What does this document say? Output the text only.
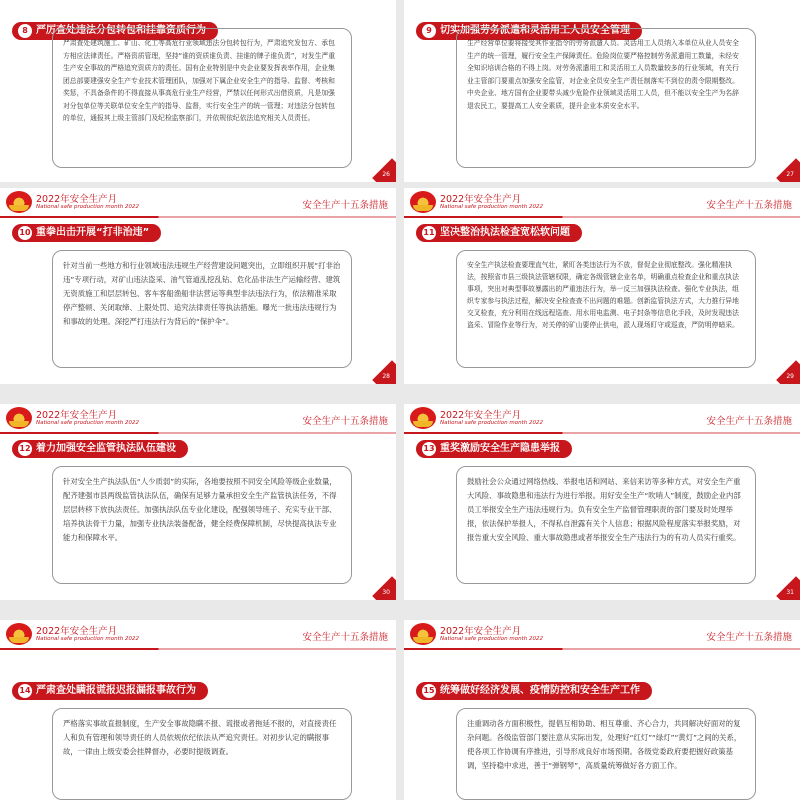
8 严厉查处违法分包转包和挂靠资质行为
严肃查处建筑施工、矿山、化工等高危行业领域违法分包转包行为，严肃追究发包方、承包方相应法律责任。严格资质管理，坚持“谁的资质谁负责、挂谁的牌子谁负责”，对发生严重生产安全事故的严格追究资质方的责任。国有企业特别是中央企业要发挥表率作用，企业集团总部要建强安全生产专业技术管理团队，加强对下属企业安全生产的指导、监督、考核和奖惩，不具备条件的不得直接从事高危行业生产经营，严禁以任何形式出借资质，凡是加强对分包单位等关联单位安全生产的指导、监督，实行安全生产的统一管理；对违法分包转包的单位，通报其上级主管部门及纪检监察部门，并依规依纪依法追究相关人员责任。
26
9 切实加强劳务派遣和灵活用工人员安全管理
生产经营单位要将接受其作业指令的劳务派遣人员、灵活用工人员纳入本单位从业人员安全生产的统一管理，履行安全生产保障责任。危险岗位要严格控制劳务派遣用工数量，未经安全知识培训合格的不得上岗。对劳务派遣用工和灵活用工人员数量较多的行业领域，有关行业主管部门要重点加强安全监管，对企业全员安全生产责任制落实不到位的责令限期整改。中央企业、地方国有企业要带头减少危险作业领域灵活用工人员，但不能以安全生产为名辞退农民工，要提高工人安全素质，提升企业本质安全水平。
27
2022年安全生产月
National safe production month 2022	安全生产十五条措施
10 重拳出击开展“打非治违”
针对当前一些地方和行业领域违法违规生产经营建设问题突出，立即组织开展“打非治违”专项行动，对矿山违法盗采、油气管道乱挖乱钻、危化品非法生产运输经营、建筑无资质施工和层层转包、客车客船渔船非法营运等典型非法违法行为，依法精准采取停产整顿、关闭取缔、上限处罚、追究法律责任等执法措施。曝光一批违法违规行为和事故的处理。深挖严打违法行为背后的“保护伞”。
28
2022年安全生产月
National safe production month 2022	安全生产十五条措施
11 坚决整治执法检查宽松软问题
安全生产执法检查要理直气壮，紧盯各类违法行为不放，督促企业彻底整改。强化精准执法，按照省市县三级执法管辖权限，确定各级管辖企业名单，明确重点检查企业和重点执法事项，突出对典型事故暴露出的严重违法行为，举一反三加强执法检查。强化专业执法，组织专家参与执法过程，解决安全检查查不出问题的难题。创新监管执法方式，大力推行异地交叉检查，充分利用在线远程巡查、用水用电监测、电子封条等信息化手段，及时发现违法盗采、冒险作业等行为，对关停的矿山要停止供电，派人现场盯守或巡查，严防明停暗采。
29
2022年安全生产月
National safe production month 2022	安全生产十五条措施
12 着力加强安全监管执法队伍建设
针对安全生产执法队伍“人少质弱”的实际，各地要按照不同安全风险等级企业数量，配齐建强市县两级监管执法队伍，确保有足够力量承担安全生产监管执法任务，不得层层转移下放执法责任。加强执法队伍专业化建设，配强领导班子、充实专业干部、培养执法骨干力量，加强专业执法装备配备，健全经费保障机制，尽快提高执法专业能力和保障水平。
30
2022年安全生产月
National safe production month 2022	安全生产十五条措施
13 重奖激励安全生产隐患举报
鼓励社会公众通过网络热线、举报电话和网站、来信来访等多种方式，对安全生产重大风险、事故隐患和违法行为进行举报。用好安全生产“吹哨人”制度，鼓励企业内部员工举报安全生产违法违规行为。负有安全生产监督管理职责的部门要及时处理举报，依法保护举报人，不得私自泄露有关个人信息；根据风险程度落实举报奖励，对报告重大安全风险、重大事故隐患或者举报安全生产违法行为的有功人员实行重奖。
31
2022年安全生产月
National safe production month 2022	安全生产十五条措施
14 严肃查处瞒报谎报迟报漏报事故行为
严格落实事故直报制度，生产安全事故隐瞒不报、谎报或者拖延不报的，对直接责任人和负有管理和领导责任的人员依规依纪依法从严追究责任。对初步认定的瞒报事故，一律由上级安委会挂牌督办，必要时提级调查。
2022年安全生产月
National safe production month 2022	安全生产十五条措施
15 统筹做好经济发展、疫情防控和安全生产工作
注重调动各方面积极性，提倡互相协助、相互尊重、齐心合力，共同解决好面对的复杂问题。各级监管部门要注意从实际出发，处理好“红灯”“绿灯”“黄灯”之间的关系，使各项工作协调有序推进，引导形成良好市场预期。各级党委政府要把握好政策基调，坚持稳中求进，善于“弹钢琴”，高质量统筹做好各方面工作。
